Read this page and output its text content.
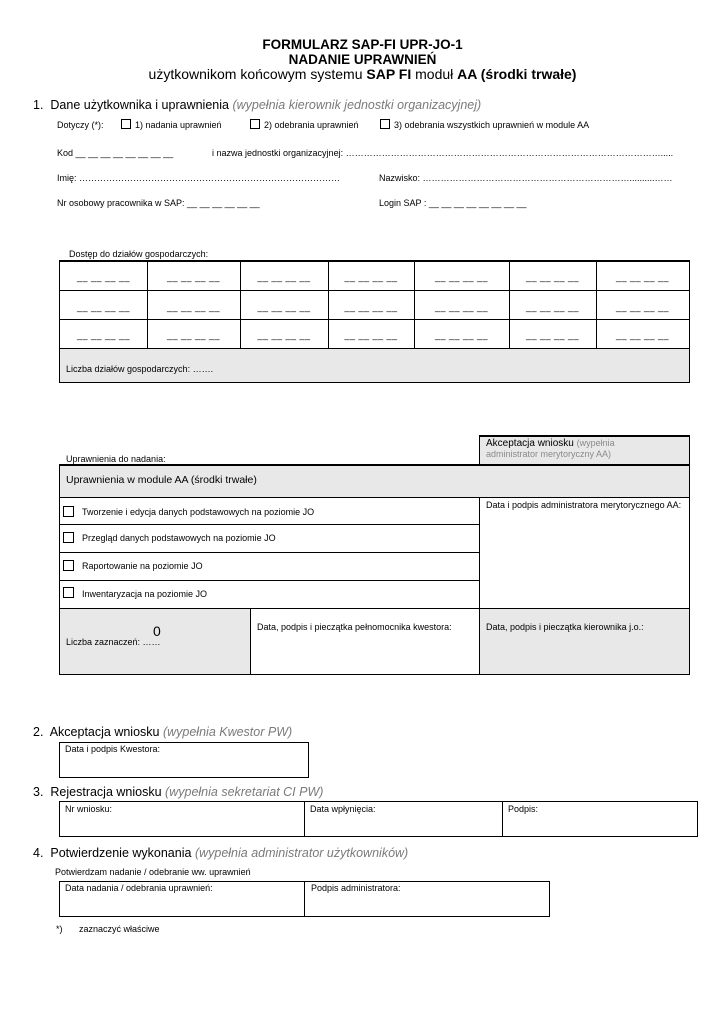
FORMULARZ SAP-FI UPR-JO-1
NADANIE UPRAWNIEŃ
użytkownikom końcowym systemu SAP FI moduł AA (środki trwałe)
1. Dane użytkownika i uprawnienia (wypełnia kierownik jednostki organizacyjnej)
Dotyczy (*):	1) nadania uprawnień	2) odebrania uprawnień	3) odebrania wszystkich uprawnień w module AA
Kod __ __ __ __ __ __ __ __	i nazwa jednostki organizacyjnej: …………………………………………………………………………………………….....
Imię: ……………………………………………………………………………	Nazwisko: ……………………………………………………………..........……
Nr osobowy pracownika w SAP: __ __ __ __ __ __	Login SAP : __ __ __ __ __ __ __ __
Dostęp do działów gospodarczych:
__ __ __ __	__ __ __ __	__ __ __ __	__ __ __ __	__ __ __ __	__ __ __ __	__ __ __ __
__ __ __ __	__ __ __ __	__ __ __ __	__ __ __ __	__ __ __ __	__ __ __ __	__ __ __ __
__ __ __ __	__ __ __ __	__ __ __ __	__ __ __ __	__ __ __ __	__ __ __ __	__ __ __ __
Liczba działów gospodarczych: …….
Uprawnienia do nadania:
Akceptacja wniosku (wypełnia
administrator merytoryczny AA)
Uprawnienia w module AA (środki trwałe)
Tworzenie i edycja danych podstawowych na poziomie JO
Przegląd danych podstawowych na poziomie JO
Raportowanie na poziomie JO
Inwentaryzacja na poziomie JO
Data i podpis administratora merytorycznego AA:
0
Liczba zaznaczeń: ……
Data, podpis i pieczątka pełnomocnika kwestora:	Data, podpis i pieczątka kierownika j.o.:
2. Akceptacja wniosku (wypełnia Kwestor PW)
Data i podpis Kwestora:
3. Rejestracja wniosku (wypełnia sekretariat CI PW)
Nr wniosku:	Data wpłynięcia:	Podpis:
4. Potwierdzenie wykonania (wypełnia administrator użytkowników)
Potwierdzam nadanie / odebranie ww. uprawnień
Data nadania / odebrania uprawnień:	Podpis administratora:
*) zaznaczyć właściwe
